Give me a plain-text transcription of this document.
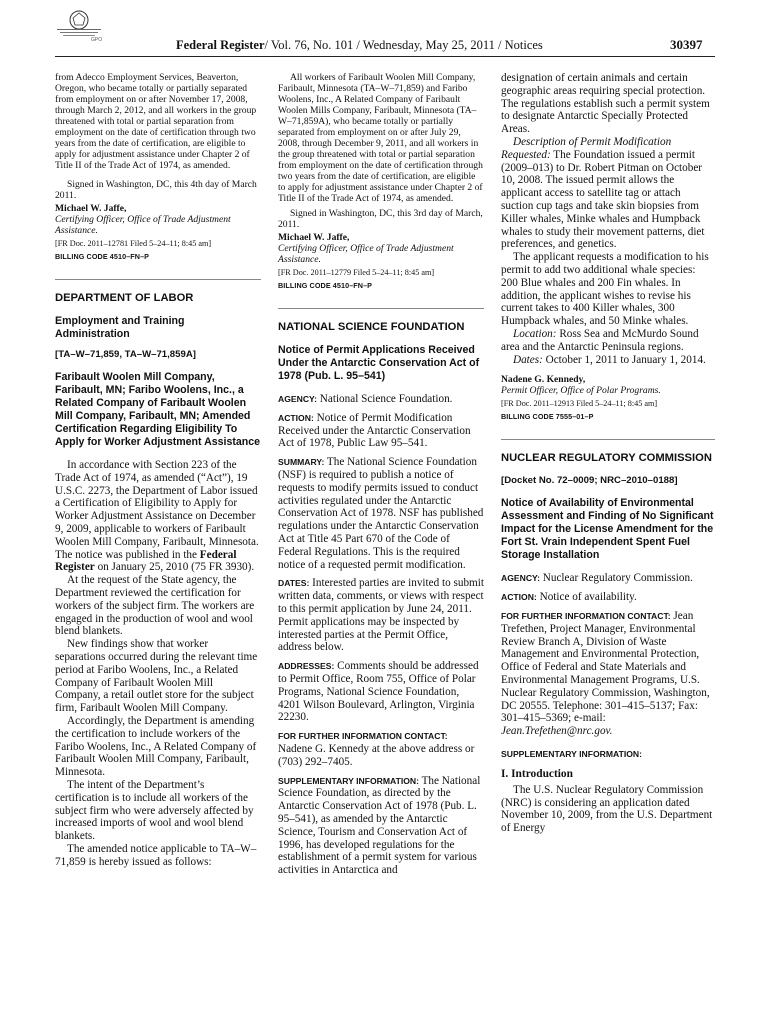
GPO	Federal Register/ Vol. 76, No. 101 / Wednesday, May 25, 2011 / Notices	30397

from Adecco Employment Services, Beaverton, Oregon, who became totally or partially separated from employment on or after November 17, 2008, through March 2, 2012, and all workers in the group threatened with total or partial separation from employment on the date of certification through two years from the date of certification, are eligible to apply for adjustment assistance under Chapter 2 of Title II of the Trade Act of 1974, as amended.

Signed in Washington, DC, this 4th day of March 2011.

Michael W. Jaffe,

Certifying Officer, Office of Trade Adjustment Assistance.

[FR Doc. 2011–12781 Filed 5–24–11; 8:45 am]

BILLING CODE 4510–FN–P

DEPARTMENT OF LABOR

Employment and Training Administration

[TA–W–71,859, TA–W–71,859A]

Faribault Woolen Mill Company, Faribault, MN; Faribo Woolens, Inc., a Related Company of Faribault Woolen Mill Company, Faribault, MN; Amended Certification Regarding Eligibility To Apply for Worker Adjustment Assistance

In accordance with Section 223 of the Trade Act of 1974, as amended (“Act”), 19 U.S.C. 2273, the Department of Labor issued a Certification of Eligibility to Apply for Worker Adjustment Assistance on December 9, 2009, applicable to workers of Faribault Woolen Mill Company, Faribault, Minnesota. The notice was published in the Federal Register on January 25, 2010 (75 FR 3930).

At the request of the State agency, the Department reviewed the certification for workers of the subject firm. The workers are engaged in the production of wool and wool blend blankets.

New findings show that worker separations occurred during the relevant time period at Faribo Woolens, Inc., a Related Company of Faribault Woolen Mill Company, a retail outlet store for the subject firm, Faribault Woolen Mill Company.

Accordingly, the Department is amending the certification to include workers of the Faribo Woolens, Inc., A Related Company of Faribault Woolen Mill Company, Faribault, Minnesota.

The intent of the Department’s certification is to include all workers of the subject firm who were adversely affected by increased imports of wool and wool blend blankets.

The amended notice applicable to TA–W–71,859 is hereby issued as follows:

All workers of Faribault Woolen Mill Company, Faribault, Minnesota (TA–W–71,859) and Faribo Woolens, Inc., A Related Company of Faribault Woolen Mills Company, Faribault, Minnesota (TA–W–71,859A), who became totally or partially separated from employment on or after July 29, 2008, through December 9, 2011, and all workers in the group threatened with total or partial separation from employment on the date of certification through two years from the date of certification, are eligible to apply for adjustment assistance under Chapter 2 of Title II of the Trade Act of 1974, as amended.

Signed in Washington, DC, this 3rd day of March, 2011.

Michael W. Jaffe,

Certifying Officer, Office of Trade Adjustment Assistance.

[FR Doc. 2011–12779 Filed 5–24–11; 8:45 am]

BILLING CODE 4510–FN–P

NATIONAL SCIENCE FOUNDATION

Notice of Permit Applications Received Under the Antarctic Conservation Act of 1978 (Pub. L. 95–541)

AGENCY: National Science Foundation.

ACTION: Notice of Permit Modification Received under the Antarctic Conservation Act of 1978, Public Law 95–541.

SUMMARY: The National Science Foundation (NSF) is required to publish a notice of requests to modify permits issued to conduct activities regulated under the Antarctic Conservation Act of 1978. NSF has published regulations under the Antarctic Conservation Act at Title 45 Part 670 of the Code of Federal Regulations. This is the required notice of a requested permit modification.

DATES: Interested parties are invited to submit written data, comments, or views with respect to this permit application by June 24, 2011. Permit applications may be inspected by interested parties at the Permit Office, address below.

ADDRESSES: Comments should be addressed to Permit Office, Room 755, Office of Polar Programs, National Science Foundation, 4201 Wilson Boulevard, Arlington, Virginia 22230.

FOR FURTHER INFORMATION CONTACT:
Nadene G. Kennedy at the above address or (703) 292–7405.

SUPPLEMENTARY INFORMATION: The National Science Foundation, as directed by the Antarctic Conservation Act of 1978 (Pub. L. 95–541), as amended by the Antarctic Science, Tourism and Conservation Act of 1996, has developed regulations for the establishment of a permit system for various activities in Antarctica and

designation of certain animals and certain geographic areas requiring special protection. The regulations establish such a permit system to designate Antarctic Specially Protected Areas.

Description of Permit Modification Requested: The Foundation issued a permit (2009–013) to Dr. Robert Pitman on October 10, 2008. The issued permit allows the applicant access to satellite tag or attach suction cup tags and take skin biopsies from Killer whales, Minke whales and Humpback whales to study their movement patterns, diet preferences, and genetics.

The applicant requests a modification to his permit to add two additional whale species: 200 Blue whales and 200 Fin whales. In addition, the applicant wishes to revise his current takes to 400 Killer whales, 300 Humpback whales, and 50 Minke whales.

Location: Ross Sea and McMurdo Sound area and the Antarctic Peninsula regions.

Dates: October 1, 2011 to January 1, 2014.

Nadene G. Kennedy,

Permit Officer, Office of Polar Programs.

[FR Doc. 2011–12913 Filed 5–24–11; 8:45 am]

BILLING CODE 7555–01–P

NUCLEAR REGULATORY COMMISSION

[Docket No. 72–0009; NRC–2010–0188]

Notice of Availability of Environmental Assessment and Finding of No Significant Impact for the License Amendment for the Fort St. Vrain Independent Spent Fuel Storage Installation

AGENCY: Nuclear Regulatory Commission.

ACTION: Notice of availability.

FOR FURTHER INFORMATION CONTACT: Jean Trefethen, Project Manager, Environmental Review Branch A, Division of Waste Management and Environmental Protection, Office of Federal and State Materials and Environmental Management Programs, U.S. Nuclear Regulatory Commission, Washington, DC 20555. Telephone: 301–415–5137; Fax: 301–415–5369; e-mail: Jean.Trefethen@nrc.gov.

SUPPLEMENTARY INFORMATION:

I. Introduction

The U.S. Nuclear Regulatory Commission (NRC) is considering an application dated November 10, 2009, from the U.S. Department of Energy
